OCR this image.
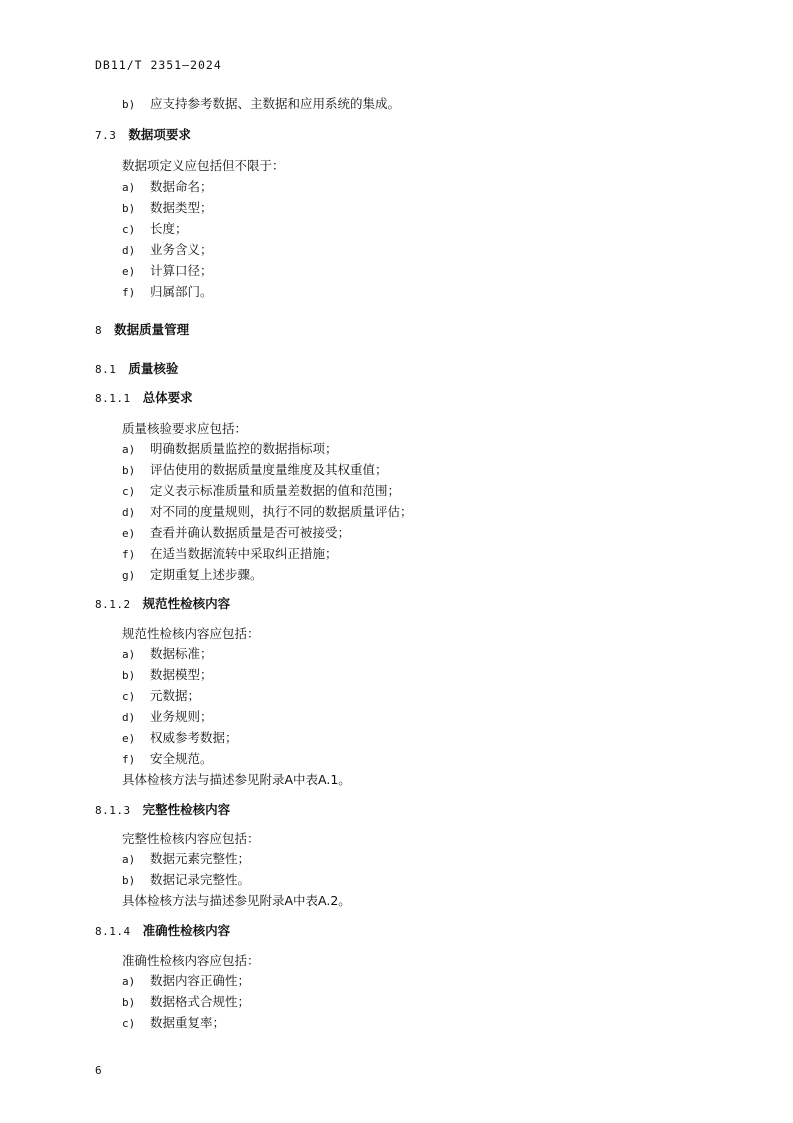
DB11/T 2351—2024
b) 应支持参考数据、主数据和应用系统的集成。
7.3 数据项要求
数据项定义应包括但不限于：
a) 数据命名；
b) 数据类型；
c) 长度；
d) 业务含义；
e) 计算口径；
f) 归属部门。
8 数据质量管理
8.1 质量核验
8.1.1 总体要求
质量核验要求应包括：
a) 明确数据质量监控的数据指标项；
b) 评估使用的数据质量度量维度及其权重值；
c) 定义表示标准质量和质量差数据的值和范围；
d) 对不同的度量规则，执行不同的数据质量评估；
e) 查看并确认数据质量是否可被接受；
f) 在适当数据流转中采取纠正措施；
g) 定期重复上述步骤。
8.1.2 规范性检核内容
规范性检核内容应包括：
a) 数据标准；
b) 数据模型；
c) 元数据；
d) 业务规则；
e) 权威参考数据；
f) 安全规范。
具体检核方法与描述参见附录A中表A.1。
8.1.3 完整性检核内容
完整性检核内容应包括：
a) 数据元素完整性；
b) 数据记录完整性。
具体检核方法与描述参见附录A中表A.2。
8.1.4 准确性检核内容
准确性检核内容应包括：
a) 数据内容正确性；
b) 数据格式合规性；
c) 数据重复率；
6
